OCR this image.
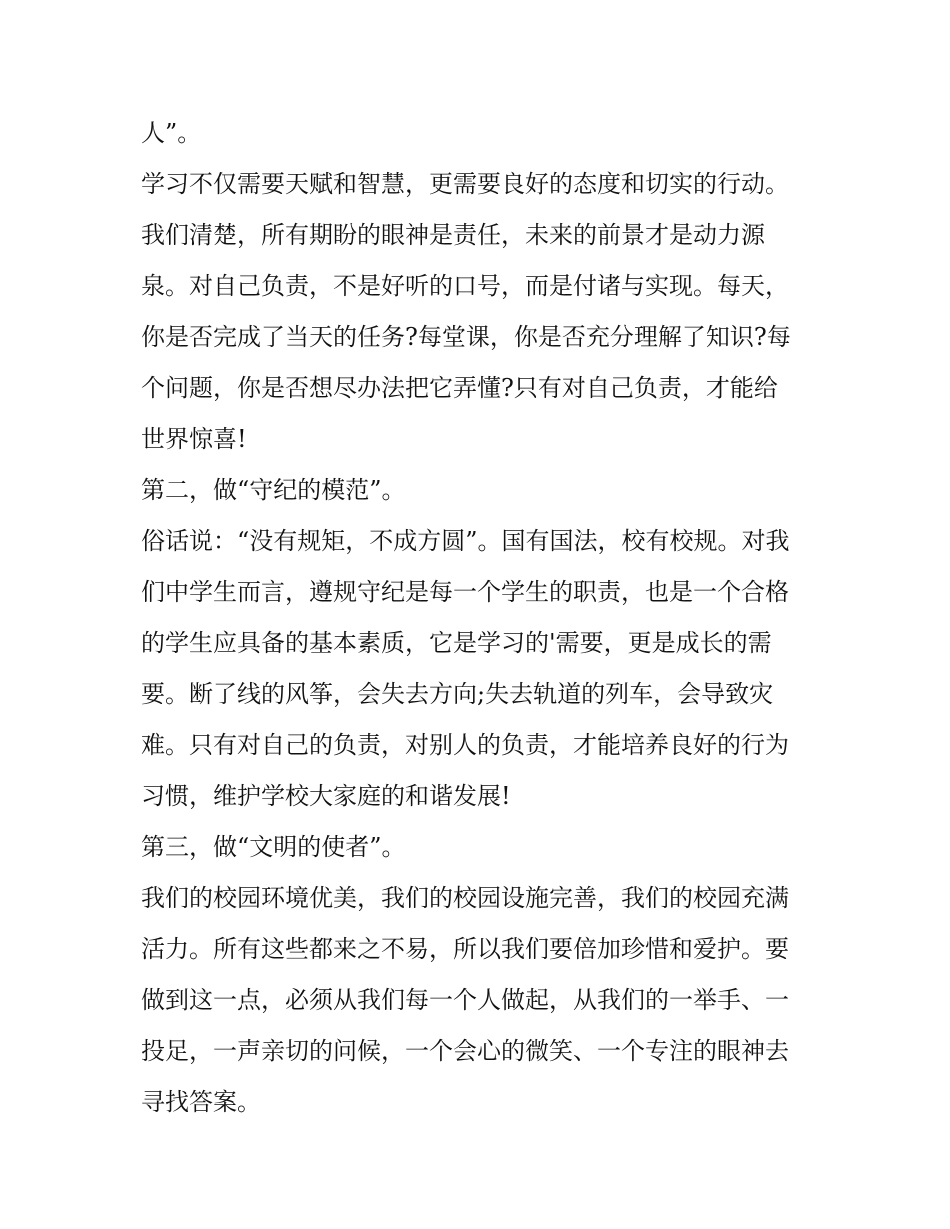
人”。
学习不仅需要天赋和智慧，更需要良好的态度和切实的行动。
我们清楚，所有期盼的眼神是责任，未来的前景才是动力源
泉。对自己负责，不是好听的口号，而是付诸与实现。每天，
你是否完成了当天的任务?每堂课，你是否充分理解了知识?每
个问题，你是否想尽办法把它弄懂?只有对自己负责，才能给
世界惊喜!
第二，做“守纪的模范”。
俗话说：“没有规矩，不成方圆”。国有国法，校有校规。对我
们中学生而言，遵规守纪是每一个学生的职责，也是一个合格
的学生应具备的基本素质，它是学习的'需要，更是成长的需
要。断了线的风筝，会失去方向;失去轨道的列车，会导致灾
难。只有对自己的负责，对别人的负责，才能培养良好的行为
习惯，维护学校大家庭的和谐发展!
第三，做“文明的使者”。
我们的校园环境优美，我们的校园设施完善，我们的校园充满
活力。所有这些都来之不易，所以我们要倍加珍惜和爱护。要
做到这一点，必须从我们每一个人做起，从我们的一举手、一
投足，一声亲切的问候，一个会心的微笑、一个专注的眼神去
寻找答案。
